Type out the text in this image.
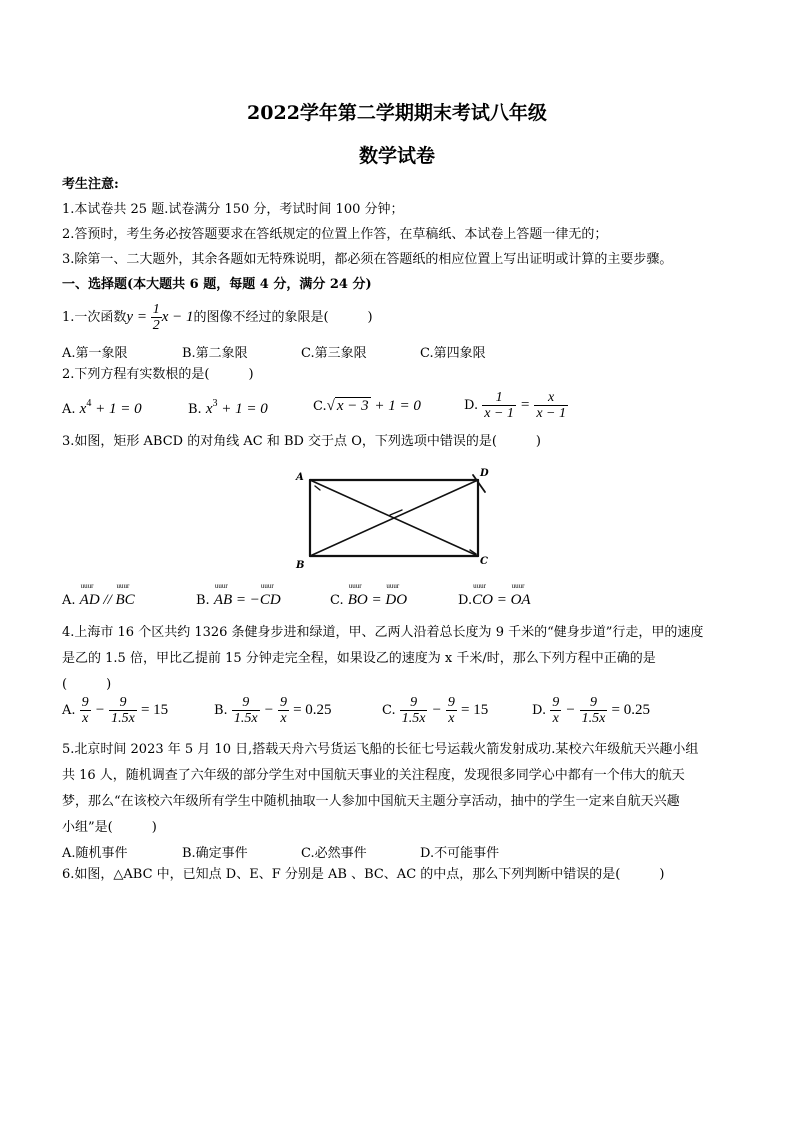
2022学年第二学期期末考试八年级
数学试卷
考生注意:
1.本试卷共 25 题.试卷满分 150 分，考试时间 100 分钟；
2.答预时，考生务必按答题要求在答纸规定的位置上作答，在草稿纸、本试卷上答题一律无的；
3.除第一、二大题外，其余各题如无特殊说明，都必须在答题纸的相应位置上写出证明或计算的主要步骤。
一、选择题(本大题共 6 题，每题 4 分，满分 24 分)
1.一次函数$y = \frac{1}{2}$ x − 1的图像不经过的象限是(　　　)
A.第一象限	B.第二象限	C.第三象限	C.第四象限
2.下列方程有实数根的是(　　　)
A. $x^4 + 1 = 0$	B. $x^3 + 1 = 0$	C.√ x − 3 + 1 = 0	D. $\frac{1}{x - 1} = \frac{x}{x - 1}$
3.如图，矩形 ABCD 的对角线 AC 和 BD 交于点 O，下列选项中错误的是(　　　)
A	D
B	C
A. uuur AD // uuur BC	B. uuur AB = −uuur CD	C. uuur BO = uuur DO	D.uuur CO = uuur OA
4.上海市 16 个区共约 1326 条健身步进和绿道，甲、乙两人沿着总长度为 9 千米的“健身步道”行走，甲的速度
是乙的 1.5 倍，甲比乙提前 15 分钟走完全程，如果设乙的速度为 x 千米/时，那么下列方程中正确的是
(　　　)
A. $\frac{9}{x} - \frac{9}{1.5x} = 15$	B. $\frac{9}{1.5x} - \frac{9}{x} = 0.25$	C. $\frac{9}{1.5x} - \frac{9}{x} = 15$	D. $\frac{9}{x} - \frac{9}{1.5x} = 0.25$
5.北京时间 2023 年 5 月 10 日,搭载天舟六号货运飞船的长征七号运载火箭发射成功.某校六年级航天兴趣小组
共 16 人，随机调查了六年级的部分学生对中国航天事业的关注程度，发现很多同学心中都有一个伟大的航天
梦，那么“在该校六年级所有学生中随机抽取一人参加中国航天主题分享活动，抽中的学生一定来自航天兴趣
小组”是(　　　)
A.随机事件	B.确定事件	C.必然事件	D.不可能事件
6.如图，△ABC 中，已知点 D、E、F 分别是 AB 、BC、AC 的中点，那么下列判断中错误的是(　　　)
